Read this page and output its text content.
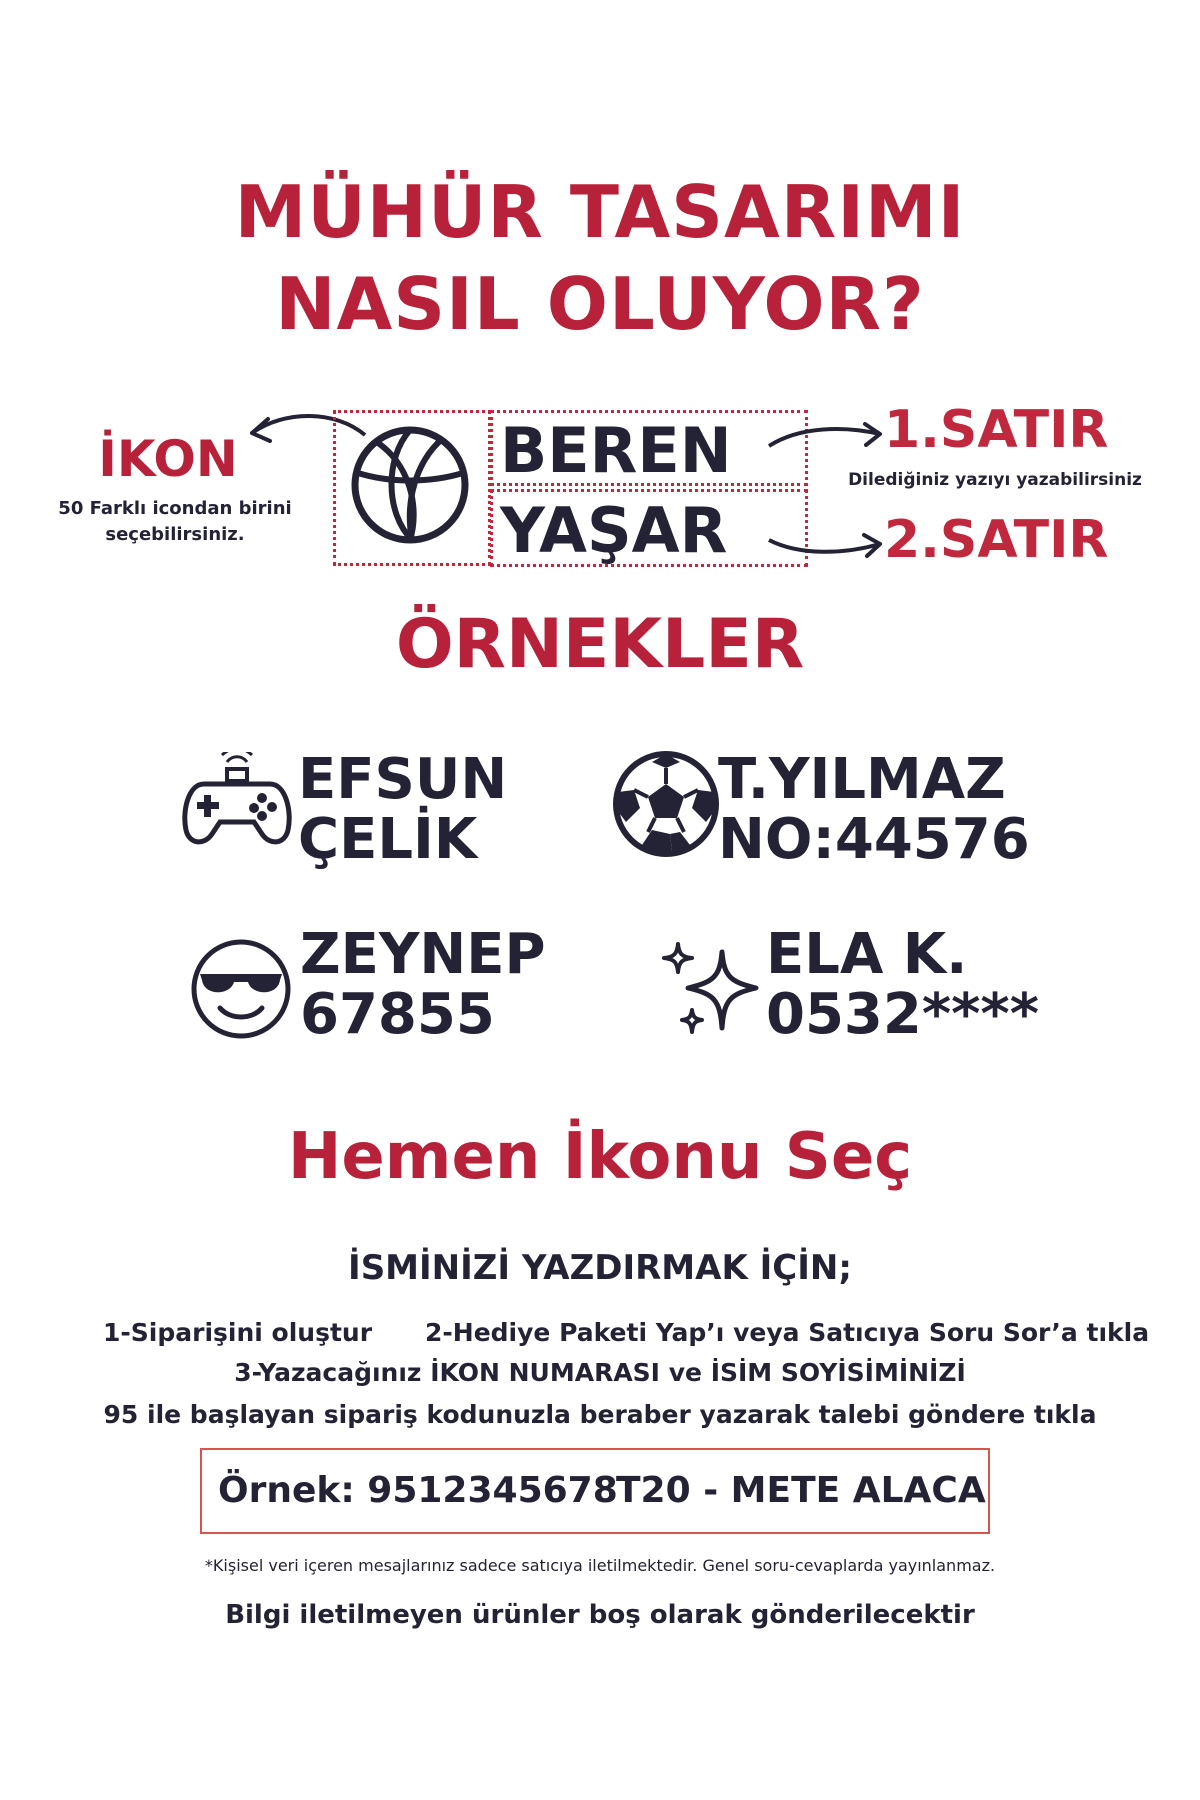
MÜHÜR TASARIMI
NASIL OLUYOR?
İKON
50 Farklı icondan birini
seçebilirsiniz.
BEREN
YAŞAR
1.SATIR
Dilediğiniz yazıyı yazabilirsiniz
2.SATIR
ÖRNEKLER
EFSUN
ÇELİK
T.YILMAZ
NO:44576
ZEYNEP
67855
ELA K.
0532****
Hemen İkonu Seç
İSMİNİZİ YAZDIRMAK İÇİN;
1-Siparişini oluştur 2-Hediye Paketi Yap’ı veya Satıcıya Soru Sor’a tıkla
3-Yazacağınız İKON NUMARASI ve İSİM SOYİSİMİNİZİ
95 ile başlayan sipariş kodunuzla beraber yazarak talebi göndere tıkla
Örnek: 9512345678
T20 - METE ALACA
*Kişisel veri içeren mesajlarınız sadece satıcıya iletilmektedir. Genel soru-cevaplarda yayınlanmaz.
Bilgi iletilmeyen ürünler boş olarak gönderilecektir
